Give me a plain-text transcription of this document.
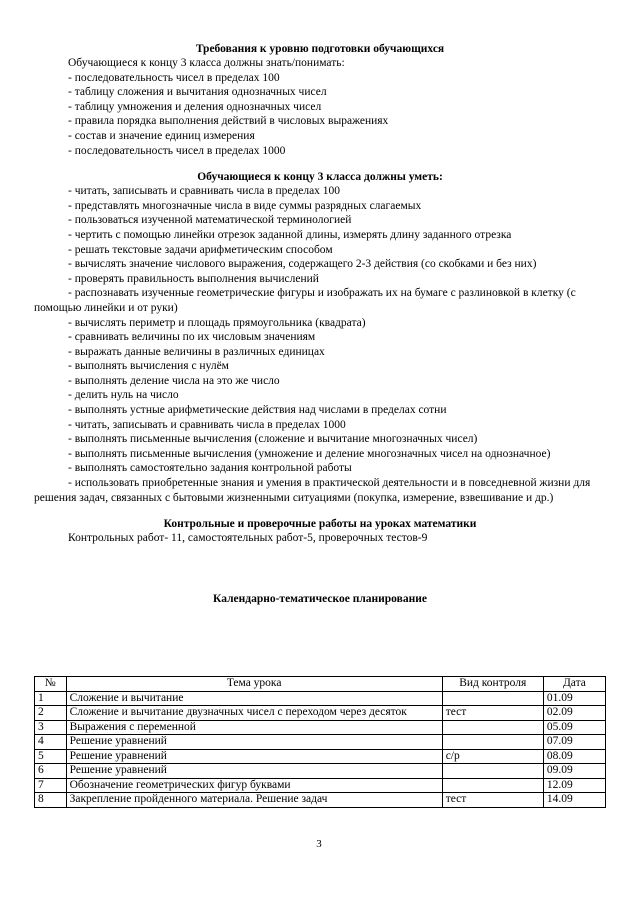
Требования к уровню подготовки обучающихся
Обучающиеся к концу 3 класса должны знать/понимать:
- последовательность чисел в пределах 100
- таблицу сложения и вычитания однозначных чисел
- таблицу умножения и деления однозначных чисел
- правила порядка выполнения действий в числовых выражениях
- состав и значение единиц измерения
- последовательность чисел в пределах 1000
Обучающиеся к концу 3 класса должны уметь:
- читать, записывать и сравнивать числа в пределах 100
- представлять многозначные числа в виде суммы разрядных слагаемых
- пользоваться изученной математической терминологией
- чертить с помощью линейки отрезок заданной длины, измерять длину заданного отрезка
- решать текстовые задачи арифметическим способом
- вычислять значение числового выражения, содержащего 2-3 действия (со скобками и без них)
- проверять правильность выполнения вычислений
- распознавать изученные геометрические фигуры и изображать их на бумаге с разлиновкой в клетку (с помощью линейки и от руки)
- вычислять периметр и площадь прямоугольника (квадрата)
- сравнивать величины по их числовым значениям
- выражать данные величины в различных единицах
- выполнять вычисления с нулём
- выполнять деление числа на это же число
- делить нуль на число
- выполнять устные арифметические действия над числами в пределах сотни
- читать, записывать и сравнивать числа в пределах 1000
- выполнять письменные вычисления (сложение и вычитание многозначных чисел)
- выполнять письменные вычисления (умножение и деление многозначных чисел на однозначное)
- выполнять самостоятельно задания контрольной работы
- использовать приобретенные знания и умения в практической деятельности и в повседневной жизни для решения задач, связанных с бытовыми жизненными ситуациями (покупка, измерение, взвешивание и др.)
Контрольные и проверочные работы на уроках математики
Контрольных работ- 11, самостоятельных работ-5, проверочных тестов-9
Календарно-тематическое планирование
№	Тема урока	Вид контроля	Дата
1	Сложение и вычитание		01.09
2	Сложение и вычитание двузначных чисел с переходом через десяток	тест	02.09
3	Выражения с переменной		05.09
4	Решение уравнений		07.09
5	Решение уравнений	с/р	08.09
6	Решение уравнений		09.09
7	Обозначение геометрических фигур буквами		12.09
8	Закрепление пройденного материала. Решение задач	тест	14.09
3
